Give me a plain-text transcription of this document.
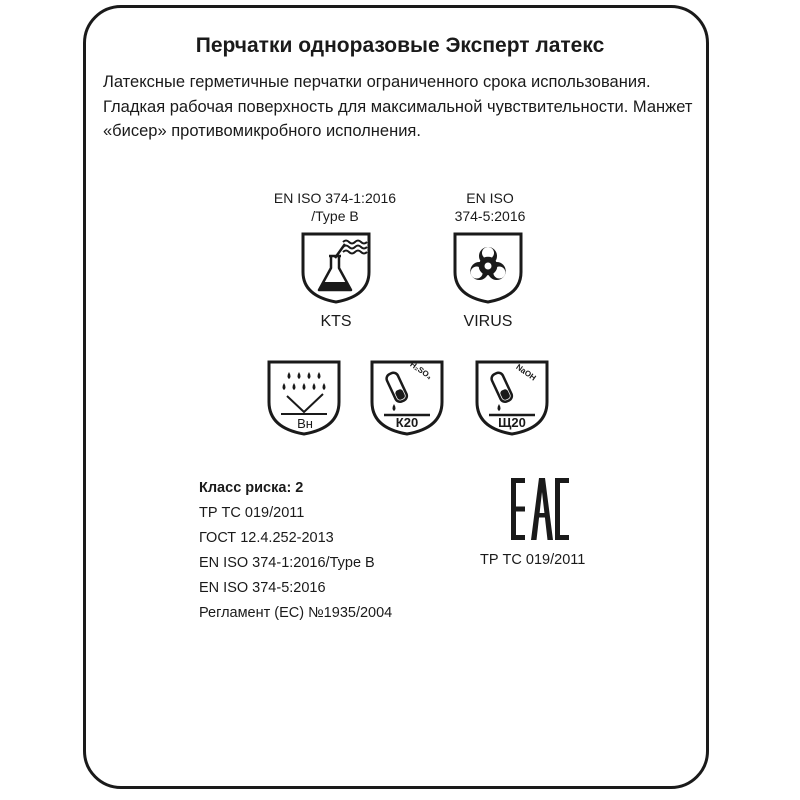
Перчатки одноразовые Эксперт латекс

Латексные герметичные перчатки ограниченного срока использования. Гладкая рабочая поверхность для максимальной чувствительности. Манжет «бисер» противомикробного исполнения.

EN ISO 374-1:2016
/Type B
KTS
EN ISO
374-5:2016
VIRUS
Вн
H₂SO₄
К20
NaOH
Щ20
Класс риска: 2
ТР ТС 019/2011
ГОСТ 12.4.252-2013
EN ISO 374-1:2016/Type B
EN ISO 374-5:2016
Регламент (ЕС) №1935/2004
ТР ТС 019/2011
